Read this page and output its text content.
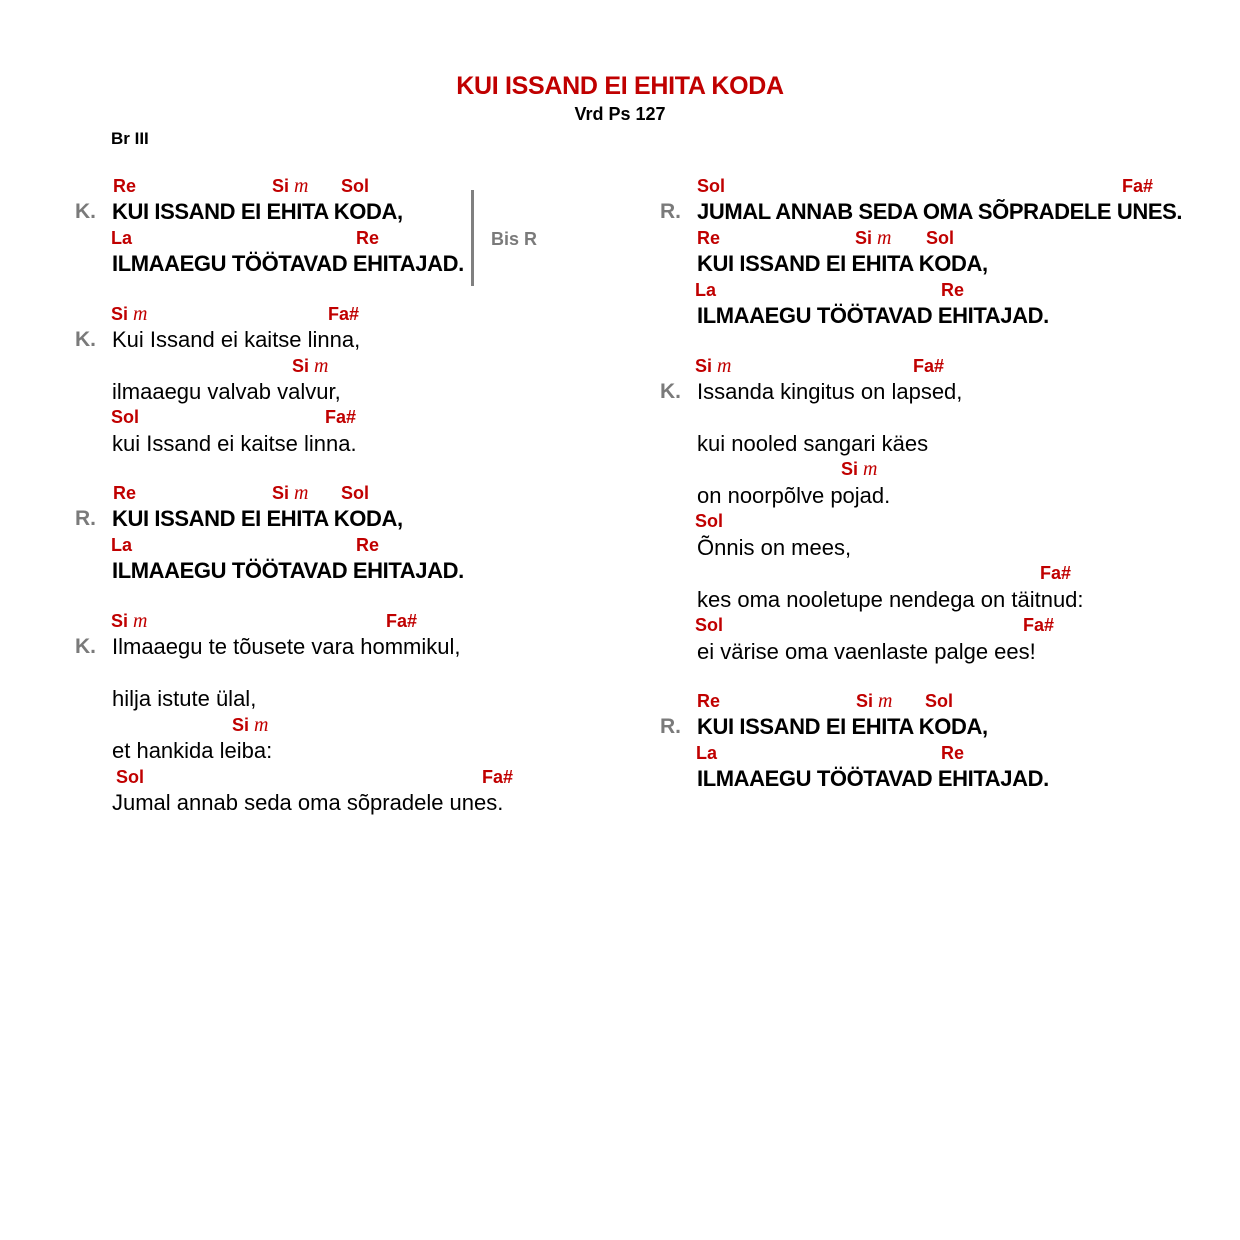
KUI ISSAND EI EHITA KODA
Vrd Ps 127
Br III
Re	Si m Sol
K. KUI ISSAND EI EHITA KODA,
La	Re
ILMAAEGU TÖÖTAVAD EHITAJAD.
Bis R
Si m	Fa#
K. Kui Issand ei kaitse linna,
Si m
ilmaaegu valvab valvur,
Sol	Fa#
kui Issand ei kaitse linna.
Re	Si m Sol
R. KUI ISSAND EI EHITA KODA,
La	Re
ILMAAEGU TÖÖTAVAD EHITAJAD.
Si m	Fa#
K. Ilmaaegu te tõusete vara hommikul,
hilja istute ülal,
Si m
et hankida leiba:
Sol	Fa#
Jumal annab seda oma sõpradele unes.
Sol	Fa#
R. JUMAL ANNAB SEDA OMA SÕPRADELE UNES.
Re	Si m Sol
KUI ISSAND EI EHITA KODA,
La	Re
ILMAAEGU TÖÖTAVAD EHITAJAD.
Si m	Fa#
K. Issanda kingitus on lapsed,
kui nooled sangari käes
Si m
on noorpõlve pojad.
Sol
Õnnis on mees,
Fa#
kes oma nooletupe nendega on täitnud:
Sol	Fa#
ei värise oma vaenlaste palge ees!
Re	Si m Sol
R. KUI ISSAND EI EHITA KODA,
La	Re
ILMAAEGU TÖÖTAVAD EHITAJAD.
